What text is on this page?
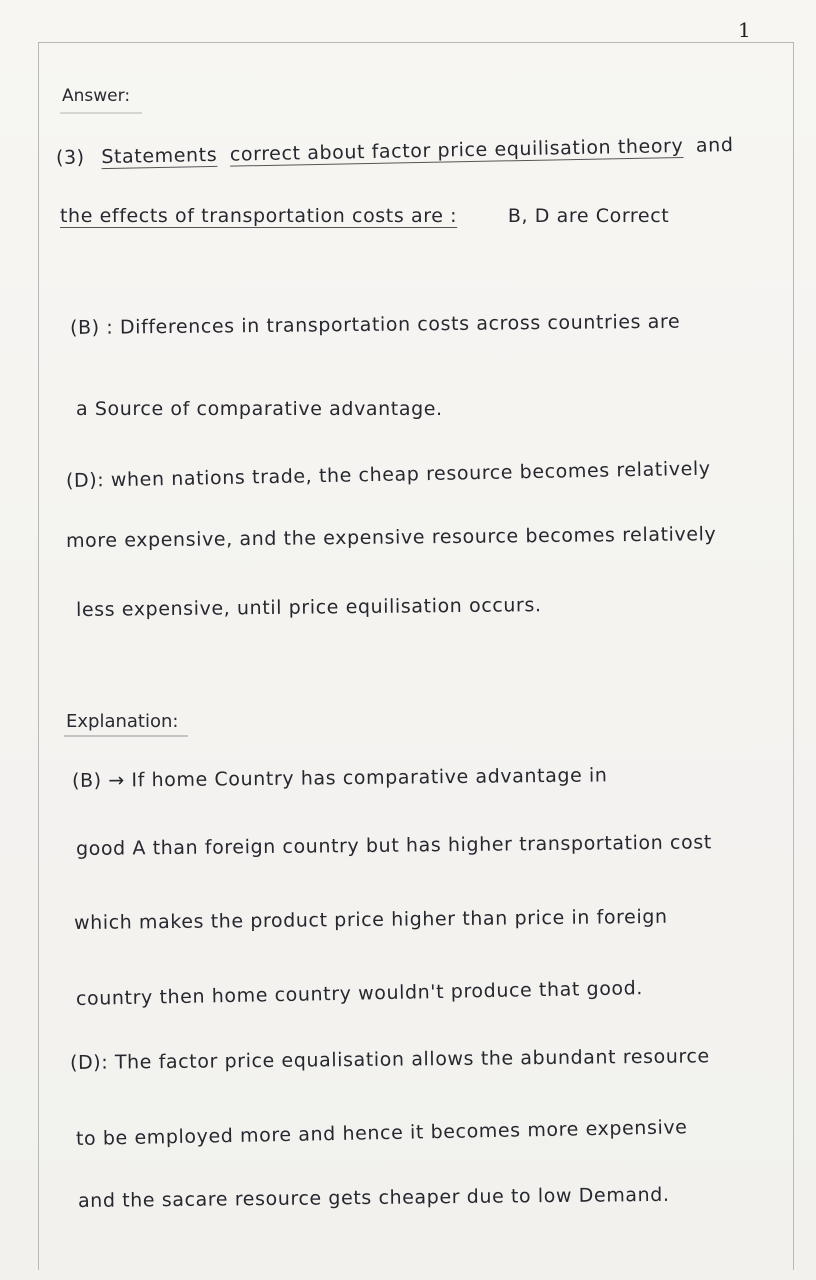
1
Answer:
(3) Statements correct about factor price equilisation theory and
the effects of transportation costs are :	B, D are Correct
(B) : Differences in transportation costs across countries are
a Source of comparative advantage.
(D): when nations trade, the cheap resource becomes relatively
more expensive, and the expensive resource becomes relatively
less expensive, until price equilisation occurs.
Explanation:
(B) → If home Country has comparative advantage in
good A than foreign country but has higher transportation cost
which makes the product price higher than price in foreign
country then home country wouldn't produce that good.
(D): The factor price equalisation allows the abundant resource
to be employed more and hence it becomes more expensive
and the sacare resource gets cheaper due to low Demand.
